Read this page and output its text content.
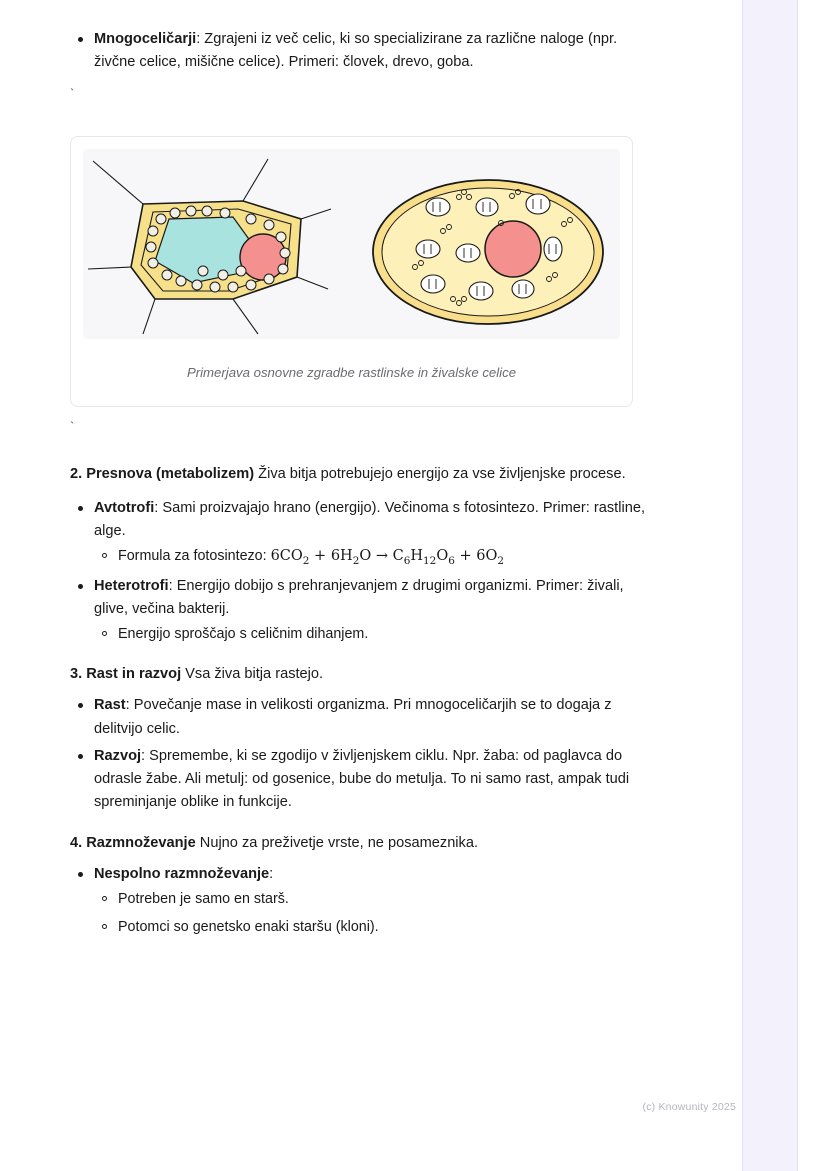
Mnogoceličarji: Zgrajeni iz več celic, ki so specializirane za različne naloge (npr. živčne celice, mišične celice). Primeri: človek, drevo, goba.
`
Primerjava osnovne zgradbe rastlinske in živalske celice
`

2. Presnova (metabolizem) Živa bitja potrebujejo energijo za vse življenjske procese.

Avtotrofi: Sami proizvajajo hrano (energijo). Večinoma s fotosintezo. Primer: rastline, alge.
Formula za fotosintezo: $6CO_2 + 6H_2O \to C_6H_{12}O_6 + 6O_2$
Heterotrofi: Energijo dobijo s prehranjevanjem z drugimi organizmi. Primer: živali, glive, večina bakterij.
Energijo sproščajo s celičnim dihanjem.

3. Rast in razvoj Vsa živa bitja rastejo.

Rast: Povečanje mase in velikosti organizma. Pri mnogoceličarjih se to dogaja z delitvijo celic.
Razvoj: Spremembe, ki se zgodijo v življenjskem ciklu. Npr. žaba: od paglavca do odrasle žabe. Ali metulj: od gosenice, bube do metulja. To ni samo rast, ampak tudi spreminjanje oblike in funkcije.

4. Razmnoževanje Nujno za preživetje vrste, ne posameznika.

Nespolno razmnoževanje:
Potreben je samo en starš.
Potomci so genetsko enaki staršu (kloni).
(c) Knowunity 2025
